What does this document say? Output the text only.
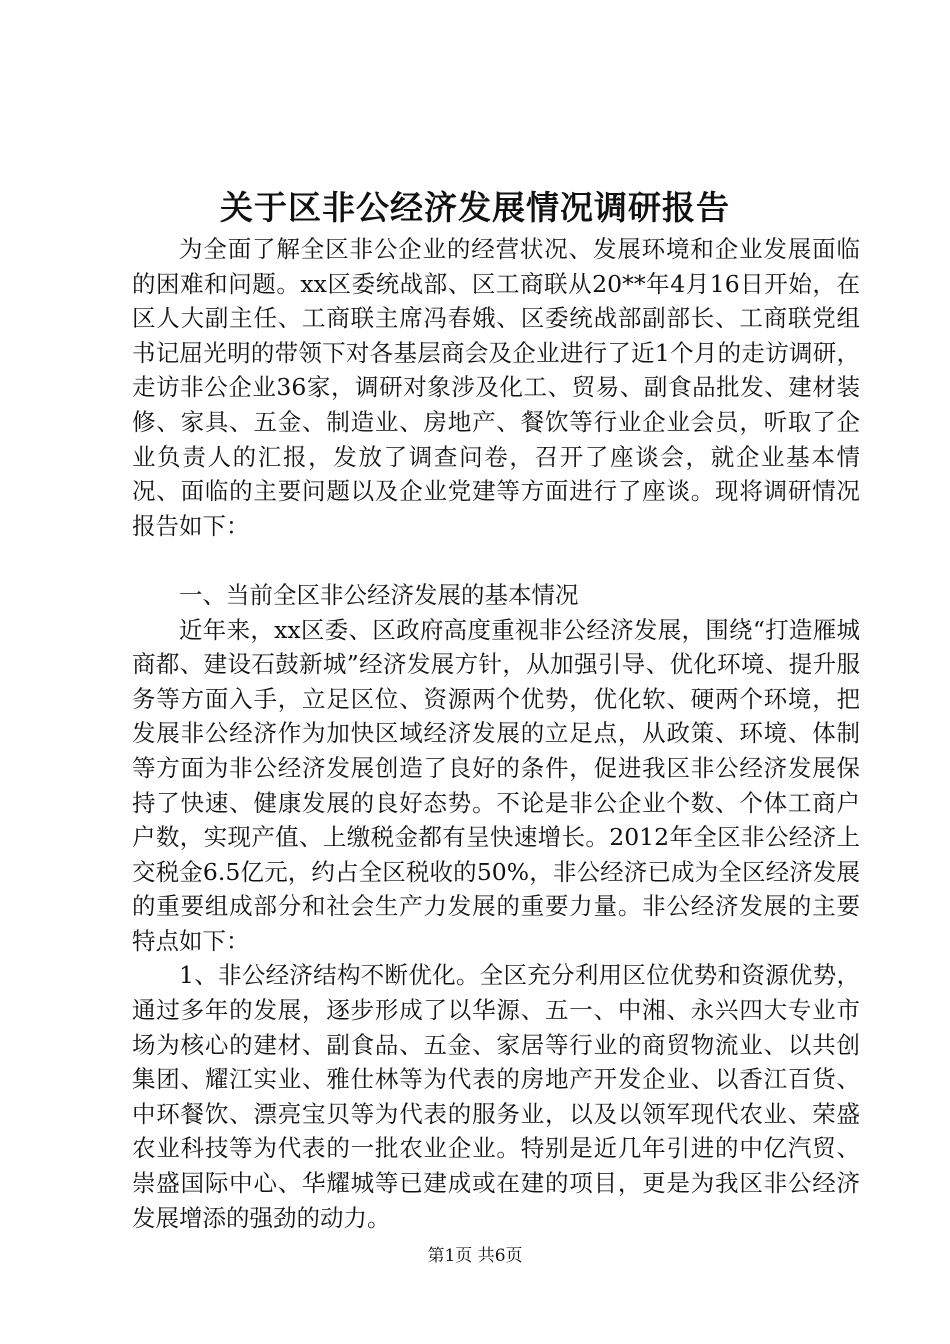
关于区非公经济发展情况调研报告

为全面了解全区非公企业的经营状况、发展环境和企业发展面临的困难和问题。xx区委统战部、区工商联从20**年4月16日开始，在区人大副主任、工商联主席冯春娥、区委统战部副部长、工商联党组书记屈光明的带领下对各基层商会及企业进行了近1个月的走访调研，走访非公企业36家，调研对象涉及化工、贸易、副食品批发、建材装修、家具、五金、制造业、房地产、餐饮等行业企业会员，听取了企业负责人的汇报，发放了调查问卷，召开了座谈会，就企业基本情况、面临的主要问题以及企业党建等方面进行了座谈。现将调研情况报告如下：

一、当前全区非公经济发展的基本情况

近年来，xx区委、区政府高度重视非公经济发展，围绕“打造雁城商都、建设石鼓新城”经济发展方针，从加强引导、优化环境、提升服务等方面入手，立足区位、资源两个优势，优化软、硬两个环境，把发展非公经济作为加快区域经济发展的立足点，从政策、环境、体制等方面为非公经济发展创造了良好的条件，促进我区非公经济发展保持了快速、健康发展的良好态势。不论是非公企业个数、个体工商户户数，实现产值、上缴税金都有呈快速增长。2012年全区非公经济上交税金6.5亿元，约占全区税收的50%，非公经济已成为全区经济发展的重要组成部分和社会生产力发展的重要力量。非公经济发展的主要特点如下：

1、非公经济结构不断优化。全区充分利用区位优势和资源优势，通过多年的发展，逐步形成了以华源、五一、中湘、永兴四大专业市场为核心的建材、副食品、五金、家居等行业的商贸物流业、以共创集团、耀江实业、雅仕林等为代表的房地产开发企业、以香江百货、中环餐饮、漂亮宝贝等为代表的服务业，以及以领军现代农业、荣盛农业科技等为代表的一批农业企业。特别是近几年引进的中亿汽贸、崇盛国际中心、华耀城等已建成或在建的项目，更是为我区非公经济发展增添的强劲的动力。

第1页 共6页
